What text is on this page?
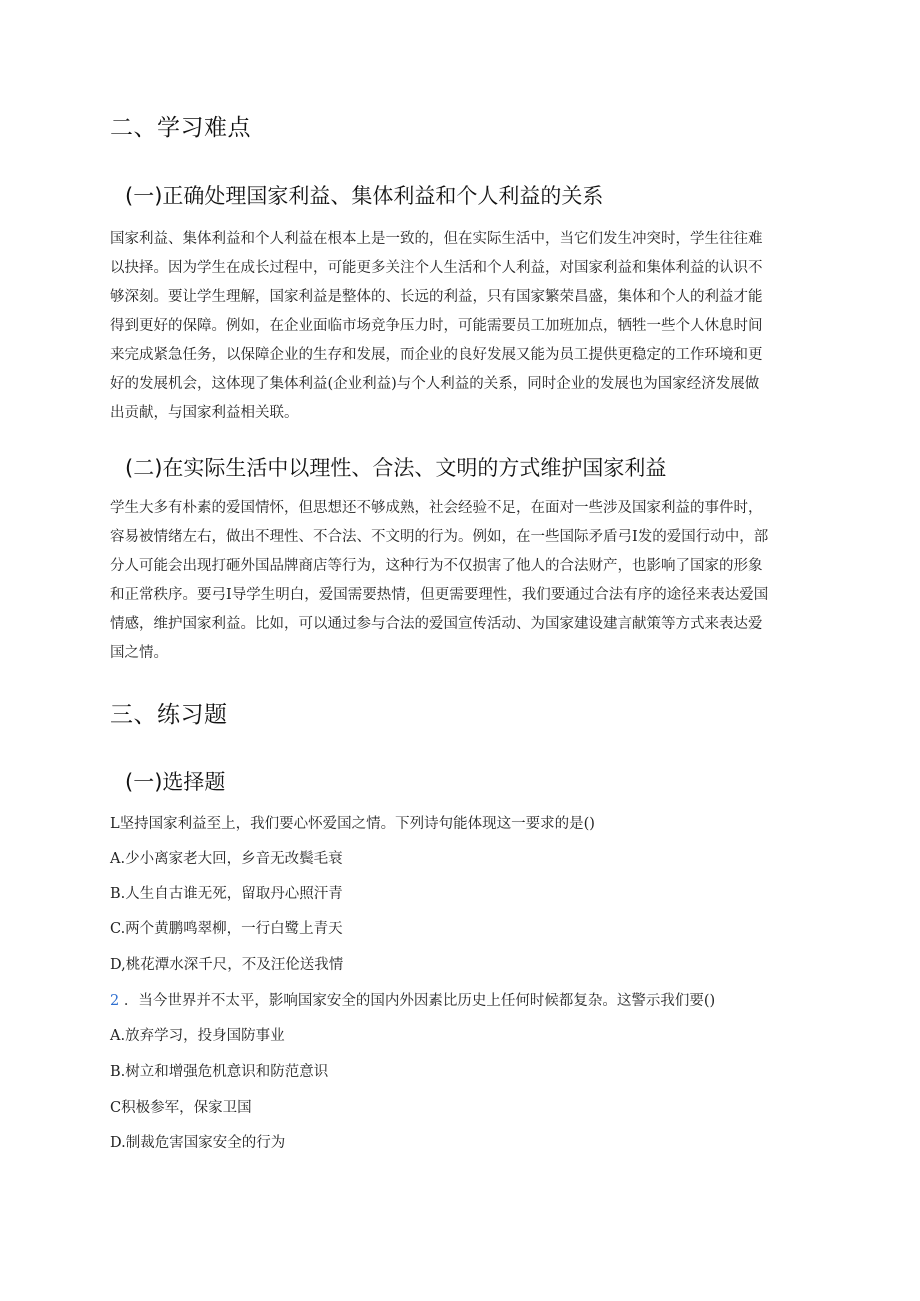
二、学习难点
(一)正确处理国家利益、集体利益和个人利益的关系
国家利益、集体利益和个人利益在根本上是一致的，但在实际生活中，当它们发生冲突时，学生往往难
以抉择。因为学生在成长过程中，可能更多关注个人生活和个人利益，对国家利益和集体利益的认识不
够深刻。要让学生理解，国家利益是整体的、长远的利益，只有国家繁荣昌盛，集体和个人的利益才能
得到更好的保障。例如，在企业面临市场竞争压力时，可能需要员工加班加点，牺牲一些个人休息时间
来完成紧急任务，以保障企业的生存和发展，而企业的良好发展又能为员工提供更稳定的工作环境和更
好的发展机会，这体现了集体利益(企业利益)与个人利益的关系，同时企业的发展也为国家经济发展做
出贡献，与国家利益相关联。
(二)在实际生活中以理性、合法、文明的方式维护国家利益
学生大多有朴素的爱国情怀，但思想还不够成熟，社会经验不足，在面对一些涉及国家利益的事件时，
容易被情绪左右，做出不理性、不合法、不文明的行为。例如，在一些国际矛盾弓I发的爱国行动中，部
分人可能会出现打砸外国品牌商店等行为，这种行为不仅损害了他人的合法财产，也影响了国家的形象
和正常秩序。要弓I导学生明白，爱国需要热情，但更需要理性，我们要通过合法有序的途径来表达爱国
情感，维护国家利益。比如，可以通过参与合法的爱国宣传活动、为国家建设建言献策等方式来表达爱
国之情。
三、练习题
(一)选择题
L坚持国家利益至上，我们要心怀爱国之情。下列诗句能体现这一要求的是()
A.少小离家老大回，乡音无改鬓毛衰
B.人生自古谁无死，留取丹心照汗青
C.两个黄鹏鸣翠柳，一行白鹭上青天
D,桃花潭水深千尺，不及汪伦送我情
2 ．当今世界并不太平，影响国家安全的国内外因素比历史上任何时候都复杂。这警示我们要()
A.放弃学习，投身国防事业
B.树立和增强危机意识和防范意识
C积极参军，保家卫国
D.制裁危害国家安全的行为
